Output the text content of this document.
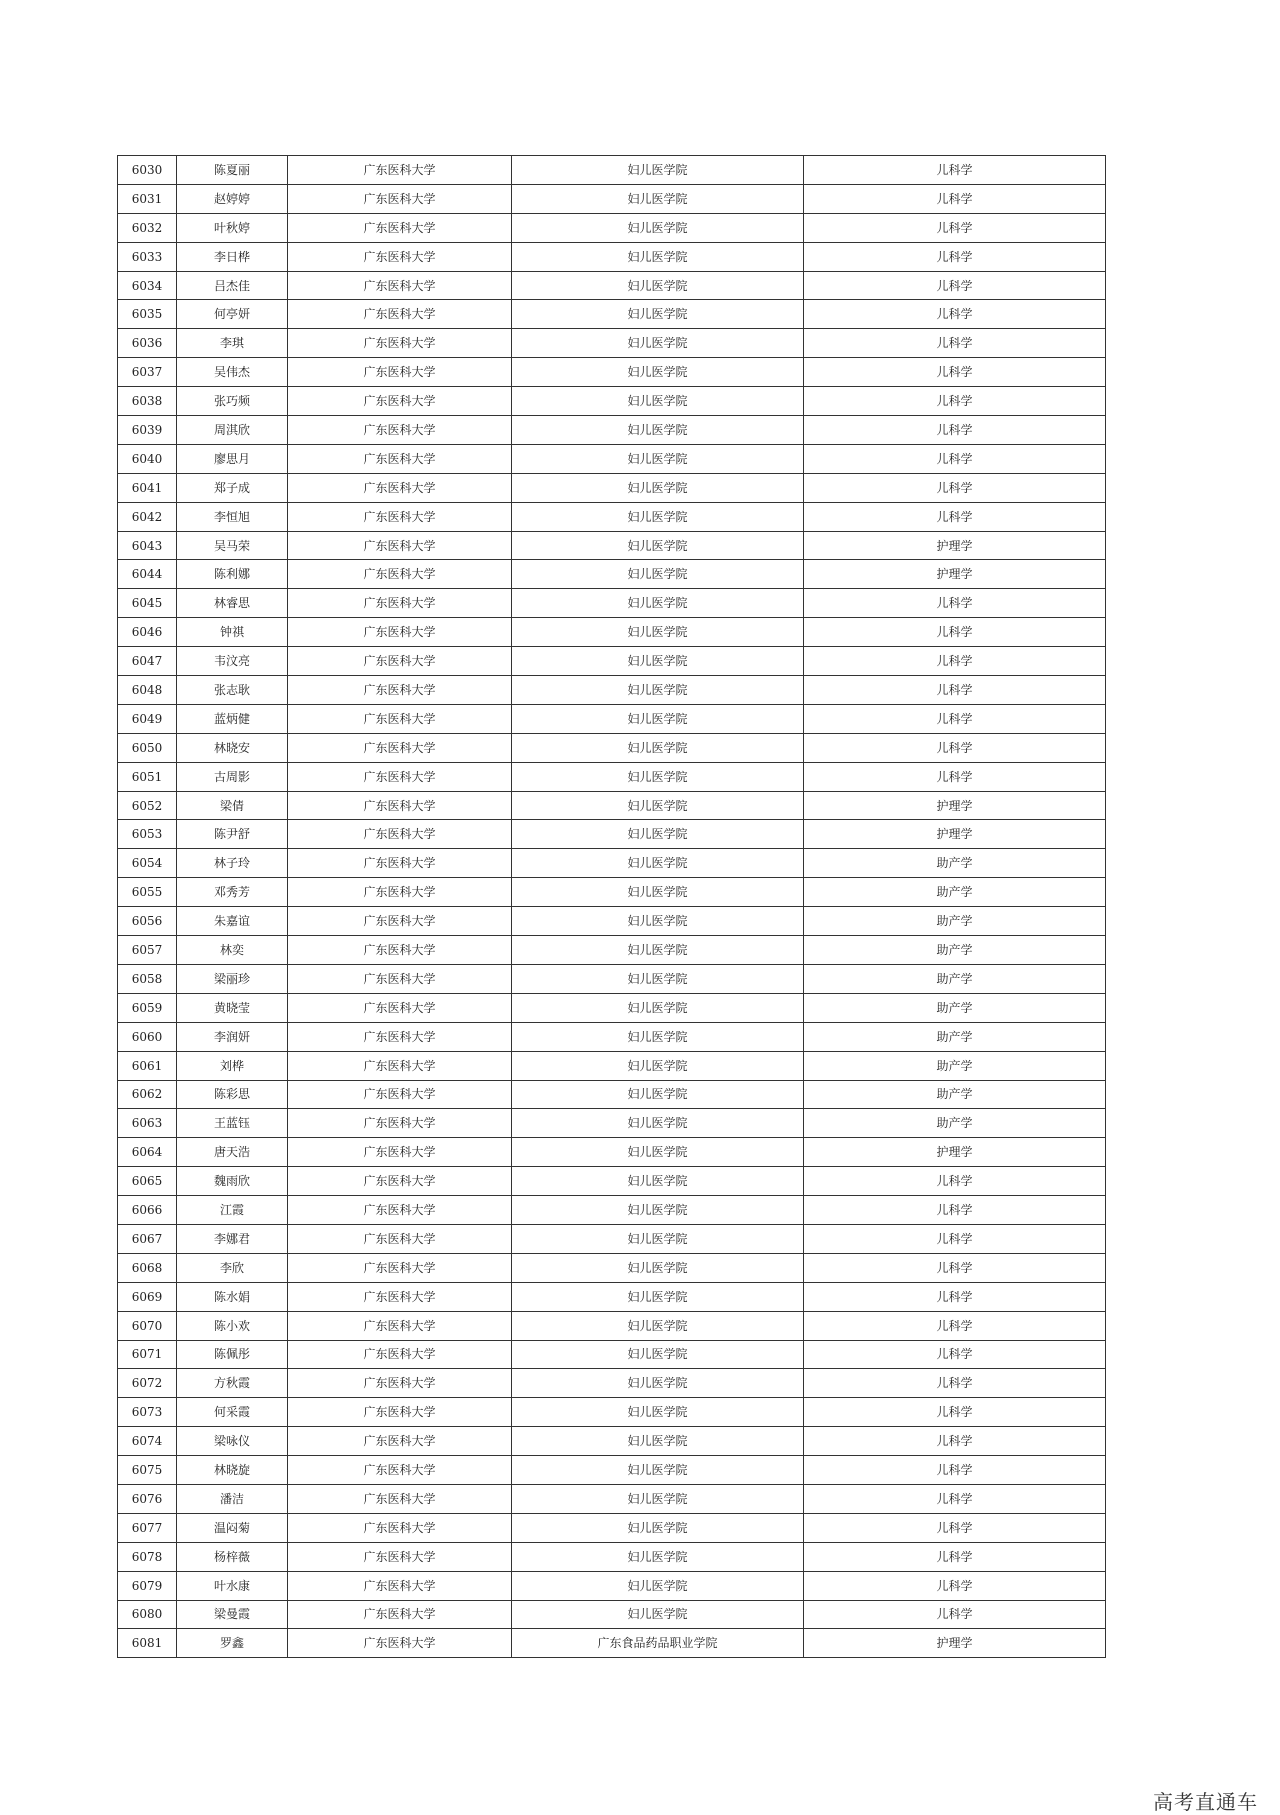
6030	陈夏丽	广东医科大学	妇儿医学院	儿科学
6031	赵婷婷	广东医科大学	妇儿医学院	儿科学
6032	叶秋婷	广东医科大学	妇儿医学院	儿科学
6033	李日桦	广东医科大学	妇儿医学院	儿科学
6034	吕杰佳	广东医科大学	妇儿医学院	儿科学
6035	何亭妍	广东医科大学	妇儿医学院	儿科学
6036	李琪	广东医科大学	妇儿医学院	儿科学
6037	吴伟杰	广东医科大学	妇儿医学院	儿科学
6038	张巧频	广东医科大学	妇儿医学院	儿科学
6039	周淇欣	广东医科大学	妇儿医学院	儿科学
6040	廖思月	广东医科大学	妇儿医学院	儿科学
6041	郑子成	广东医科大学	妇儿医学院	儿科学
6042	李恒旭	广东医科大学	妇儿医学院	儿科学
6043	吴马荣	广东医科大学	妇儿医学院	护理学
6044	陈利娜	广东医科大学	妇儿医学院	护理学
6045	林睿思	广东医科大学	妇儿医学院	儿科学
6046	钟祺	广东医科大学	妇儿医学院	儿科学
6047	韦汶亮	广东医科大学	妇儿医学院	儿科学
6048	张志耿	广东医科大学	妇儿医学院	儿科学
6049	蓝炳健	广东医科大学	妇儿医学院	儿科学
6050	林晓安	广东医科大学	妇儿医学院	儿科学
6051	古周影	广东医科大学	妇儿医学院	儿科学
6052	梁倩	广东医科大学	妇儿医学院	护理学
6053	陈尹舒	广东医科大学	妇儿医学院	护理学
6054	林子玲	广东医科大学	妇儿医学院	助产学
6055	邓秀芳	广东医科大学	妇儿医学院	助产学
6056	朱嘉谊	广东医科大学	妇儿医学院	助产学
6057	林奕	广东医科大学	妇儿医学院	助产学
6058	梁丽珍	广东医科大学	妇儿医学院	助产学
6059	黄晓莹	广东医科大学	妇儿医学院	助产学
6060	李润妍	广东医科大学	妇儿医学院	助产学
6061	刘桦	广东医科大学	妇儿医学院	助产学
6062	陈彩思	广东医科大学	妇儿医学院	助产学
6063	王蓝钰	广东医科大学	妇儿医学院	助产学
6064	唐天浩	广东医科大学	妇儿医学院	护理学
6065	魏雨欣	广东医科大学	妇儿医学院	儿科学
6066	江霞	广东医科大学	妇儿医学院	儿科学
6067	李娜君	广东医科大学	妇儿医学院	儿科学
6068	李欣	广东医科大学	妇儿医学院	儿科学
6069	陈水娟	广东医科大学	妇儿医学院	儿科学
6070	陈小欢	广东医科大学	妇儿医学院	儿科学
6071	陈佩彤	广东医科大学	妇儿医学院	儿科学
6072	方秋霞	广东医科大学	妇儿医学院	儿科学
6073	何采霞	广东医科大学	妇儿医学院	儿科学
6074	梁咏仪	广东医科大学	妇儿医学院	儿科学
6075	林晓旋	广东医科大学	妇儿医学院	儿科学
6076	潘洁	广东医科大学	妇儿医学院	儿科学
6077	温闷菊	广东医科大学	妇儿医学院	儿科学
6078	杨梓薇	广东医科大学	妇儿医学院	儿科学
6079	叶水康	广东医科大学	妇儿医学院	儿科学
6080	梁曼霞	广东医科大学	妇儿医学院	儿科学
6081	罗鑫	广东医科大学	广东食品药品职业学院	护理学
高考直通车
